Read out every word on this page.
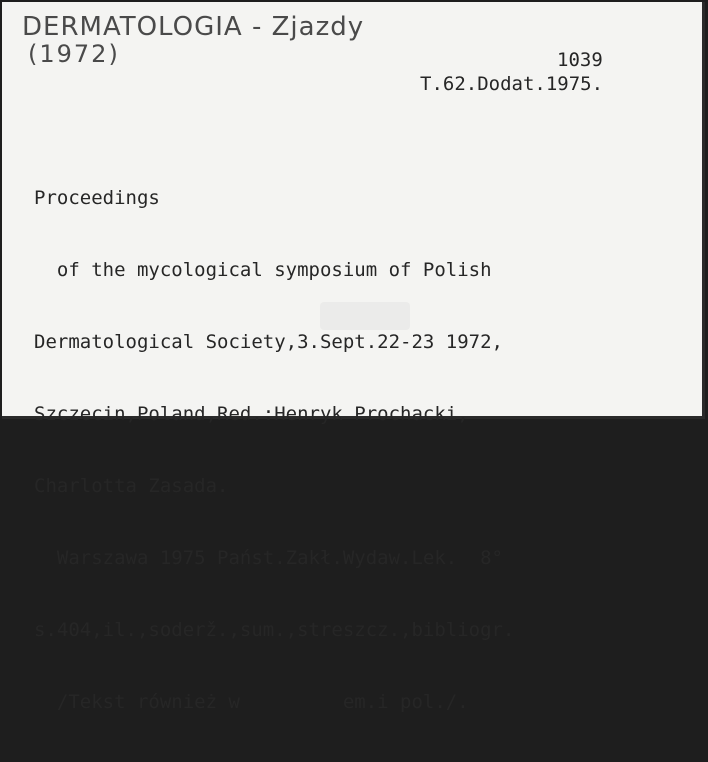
DERMATOLOGIA - Zjazdy
(1972)	1039
T.62.Dodat.1975.

Proceedings

of the mycological symposium of Polish

Dermatological Society,3.Sept.22-23 1972,

Szczecin,Poland,Red.:Henryk Prochacki,

Charlotta Zasada.

Warszawa 1975 Państ.Zakł.Wydaw.Lek.  8°

s.404,il.,soderž.,sum.,streszcz.,bibliogr.

/Tekst również w         em.i pol./.
